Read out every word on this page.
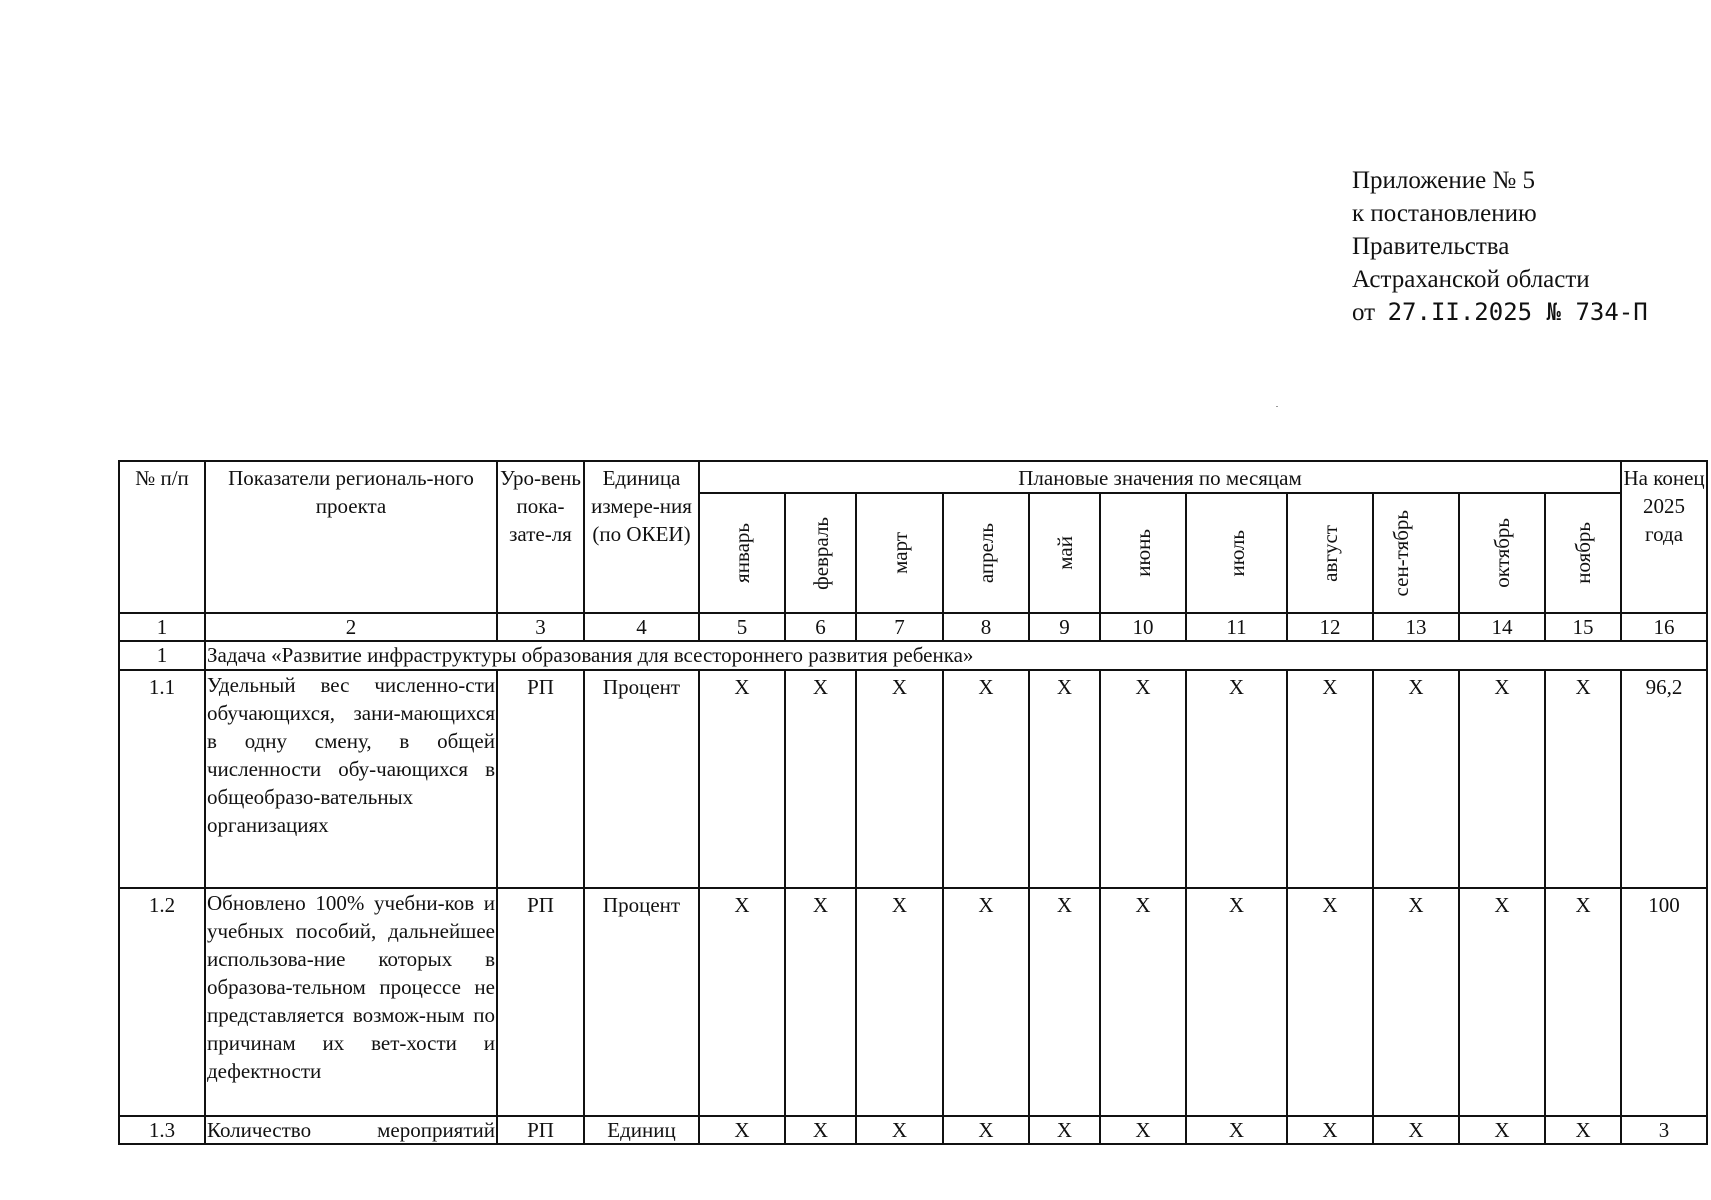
Приложение № 5
к постановлению
Правительства
Астраханской области
от 27.II.2025 № 734-П
№ п/п	Показатели региональ-ного проекта	Уро-вень пока-зате-ля	Единица измере-ния (по ОКЕИ)	Плановые значения по месяцам											На конец 2025 года

				январь	февраль	март	апрель	май	июнь	июль	август	сен-тябрь	октябрь	ноябрь	

1	2	3	4	5	6	7	8	9	10	11	12	13	14	15	16
1	Задача «Развитие инфраструктуры образования для всестороннего развития ребенка»														
1.1	Удельный вес численно-сти обучающихся, зани-мающихся в одну смену, в общей численности обу-чающихся в общеобразо-вательных организациях	РП	Процент	X	X	X	X	X	X	X	X	X	X	X	96,2
1.2	Обновлено 100% учебни-ков и учебных пособий, дальнейшее использова-ние которых в образова-тельном процессе не представляется возмож-ным по причинам их вет-хости и дефектности	РП	Процент	X	X	X	X	X	X	X	X	X	X	X	100
1.3	Количество мероприятий	РП	Единиц	X	X	X	X	X	X	X	X	X	X	X	3
